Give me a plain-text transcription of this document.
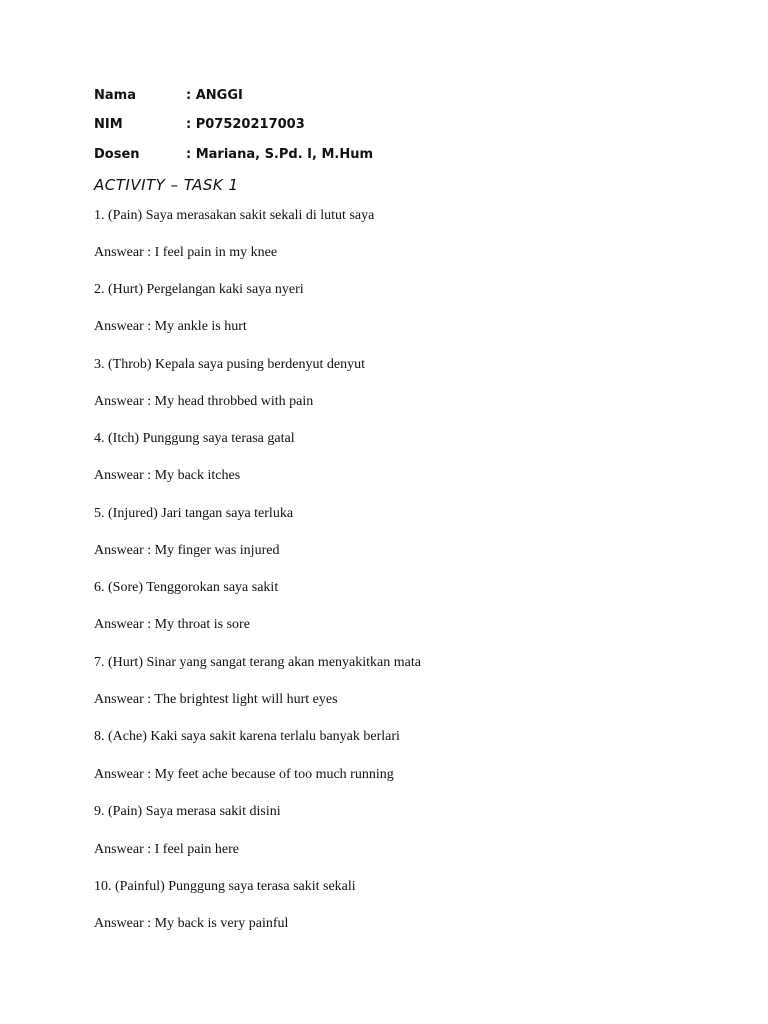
Nama	: ANGGI
NIM	: P07520217003
Dosen	: Mariana, S.Pd. I, M.Hum
ACTIVITY – TASK 1
1. (Pain) Saya merasakan sakit sekali di lutut saya
Answear : I feel pain in my knee
2. (Hurt) Pergelangan kaki saya nyeri
Answear : My ankle is hurt
3. (Throb) Kepala saya pusing berdenyut denyut
Answear : My head throbbed with pain
4. (Itch) Punggung saya terasa gatal
Answear : My back itches
5. (Injured) Jari tangan saya terluka
Answear : My finger was injured
6. (Sore) Tenggorokan saya sakit
Answear : My throat is sore
7. (Hurt) Sinar yang sangat terang akan menyakitkan mata
Answear : The brightest light will hurt eyes
8. (Ache) Kaki saya sakit karena terlalu banyak berlari
Answear : My feet ache because of too much running
9. (Pain) Saya merasa sakit disini
Answear : I feel pain here
10. (Painful) Punggung saya terasa sakit sekali
Answear : My back is very painful
